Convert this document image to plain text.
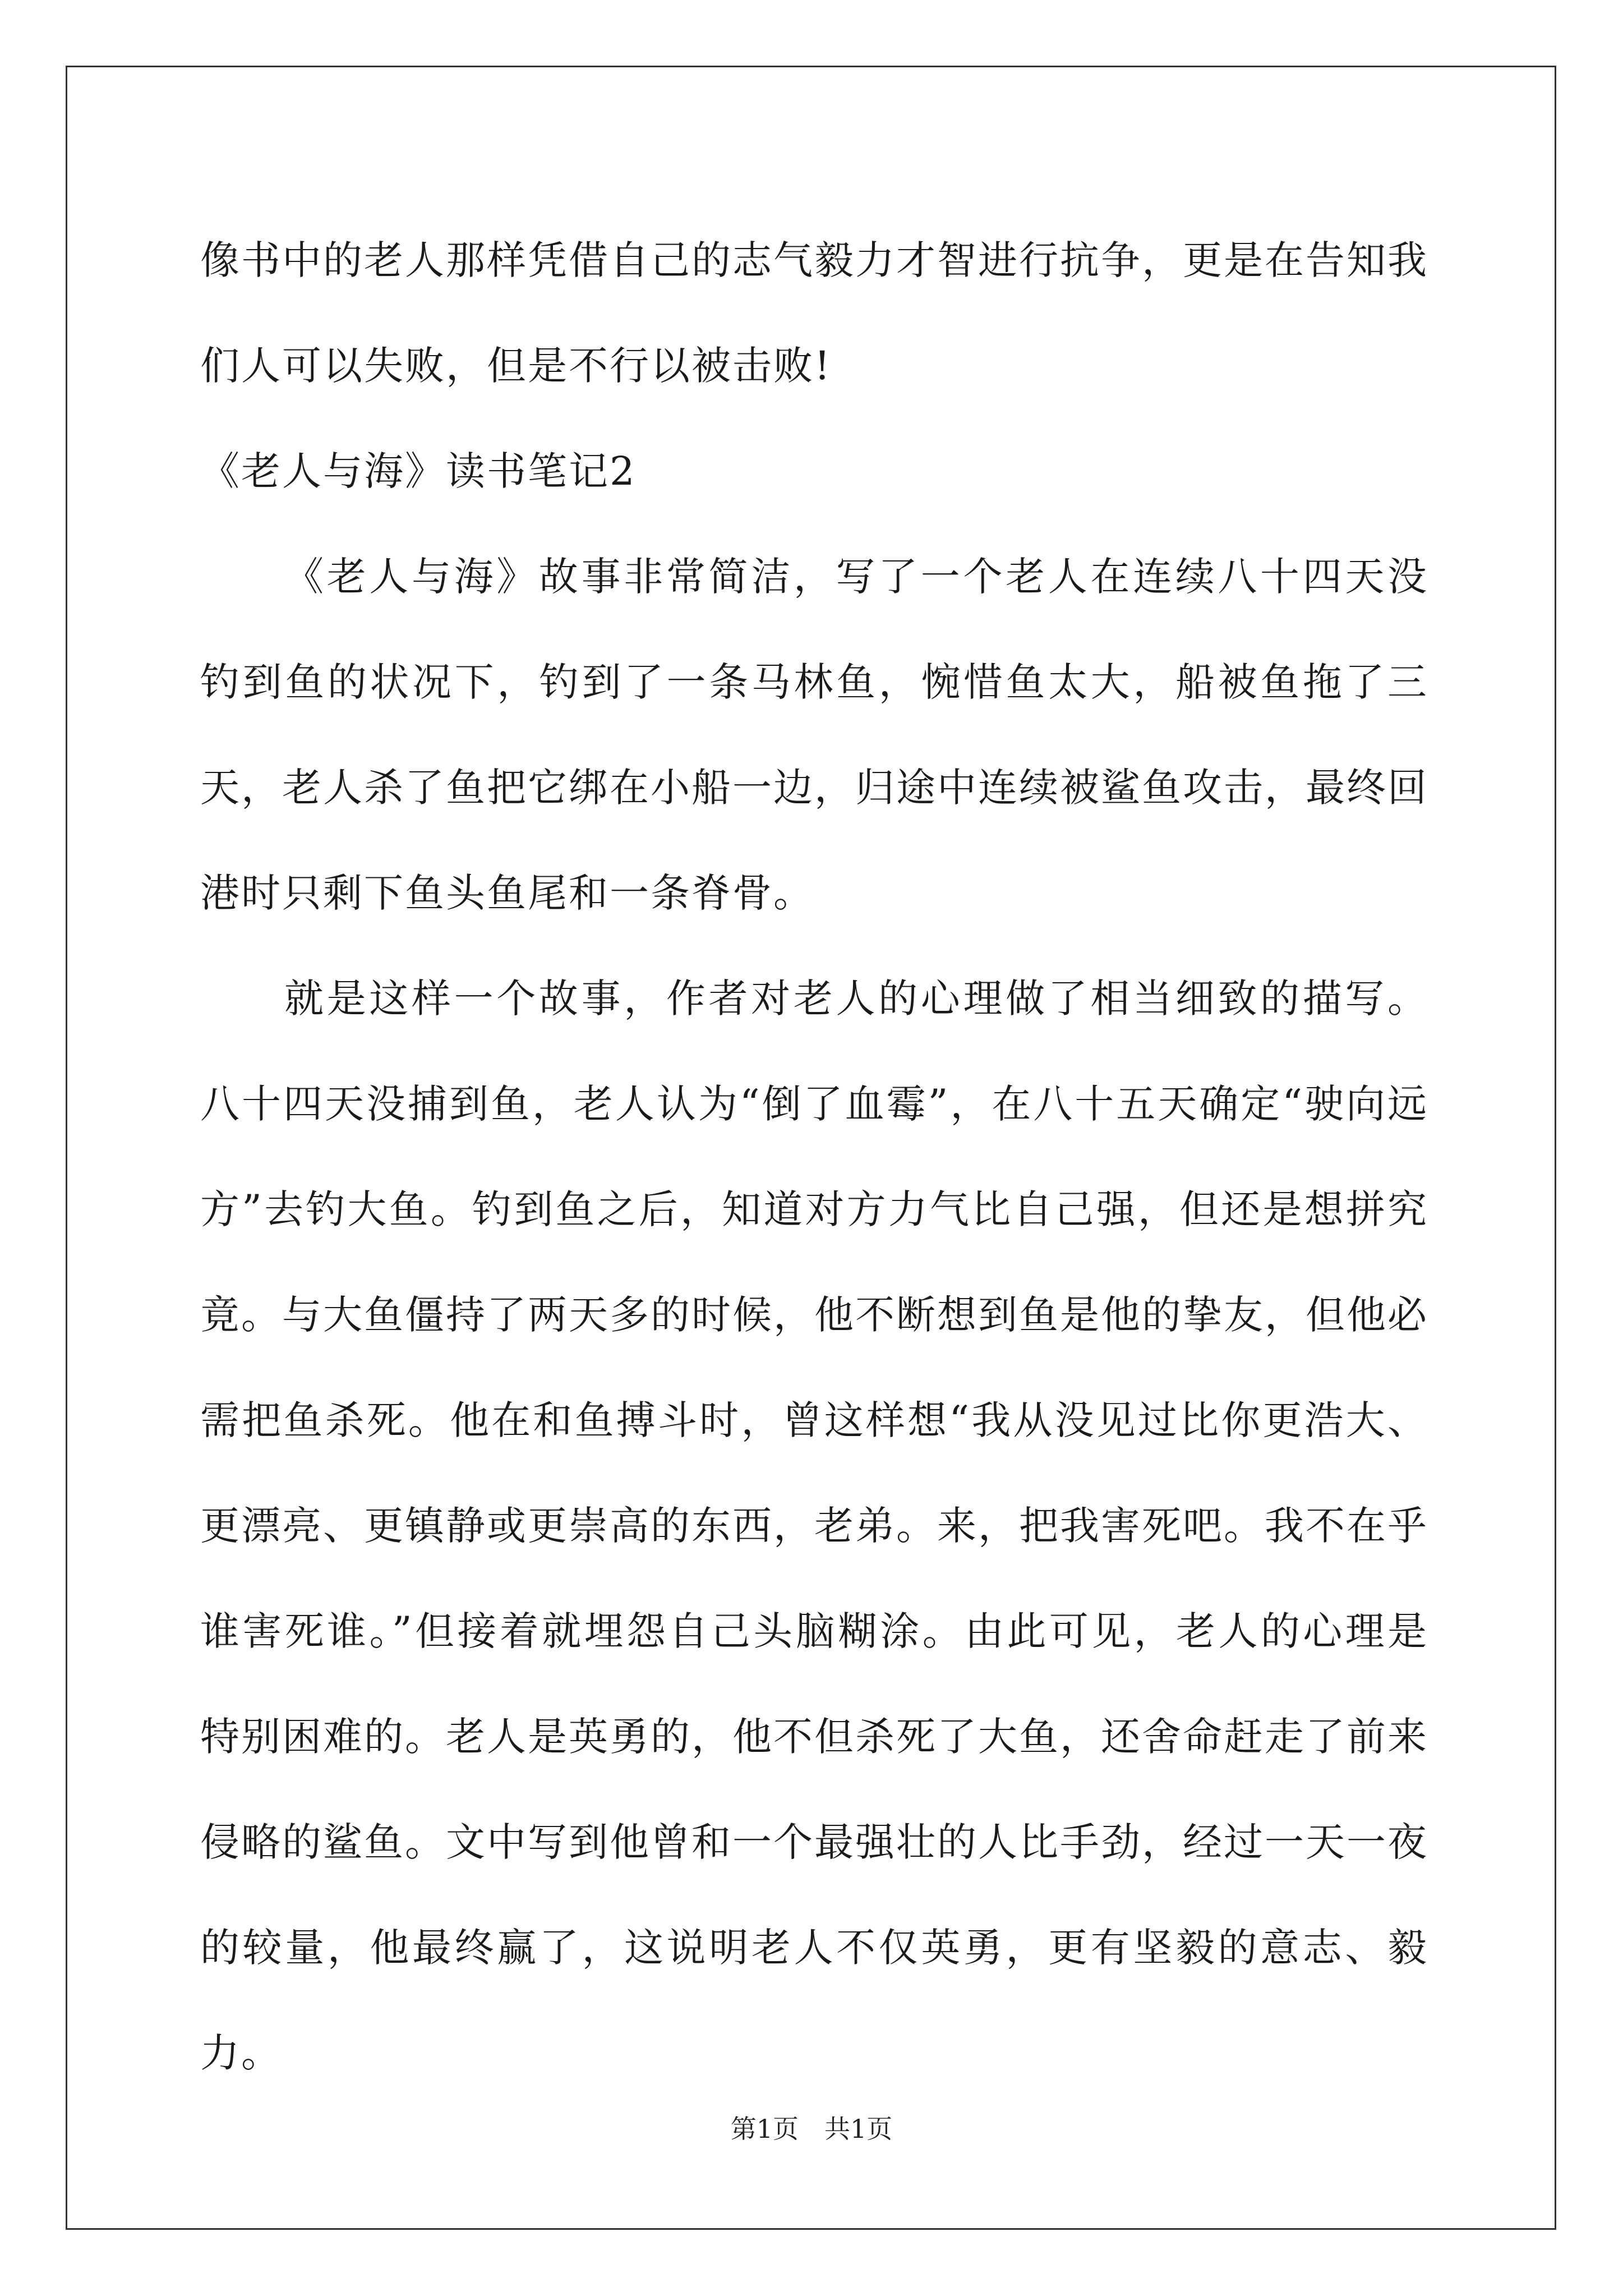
像书中的老人那样凭借自己的志气毅力才智进行抗争，更是在告知我们人可以失败，但是不行以被击败!

《老人与海》读书笔记2

《老人与海》故事非常简洁，写了一个老人在连续八十四天没钓到鱼的状况下，钓到了一条马林鱼，惋惜鱼太大，船被鱼拖了三天，老人杀了鱼把它绑在小船一边，归途中连续被鲨鱼攻击，最终回港时只剩下鱼头鱼尾和一条脊骨。

就是这样一个故事，作者对老人的心理做了相当细致的描写。八十四天没捕到鱼，老人认为“倒了血霉”，在八十五天确定“驶向远方”去钓大鱼。钓到鱼之后，知道对方力气比自己强，但还是想拼究竟。与大鱼僵持了两天多的时候，他不断想到鱼是他的挚友，但他必需把鱼杀死。他在和鱼搏斗时，曾这样想“我从没见过比你更浩大、更漂亮、更镇静或更崇高的东西，老弟。来，把我害死吧。我不在乎谁害死谁。”但接着就埋怨自己头脑糊涂。由此可见，老人的心理是特别困难的。老人是英勇的，他不但杀死了大鱼，还舍命赶走了前来侵略的鲨鱼。文中写到他曾和一个最强壮的人比手劲，经过一天一夜的较量，他最终赢了，这说明老人不仅英勇，更有坚毅的意志、毅力。

第1页　共1页
